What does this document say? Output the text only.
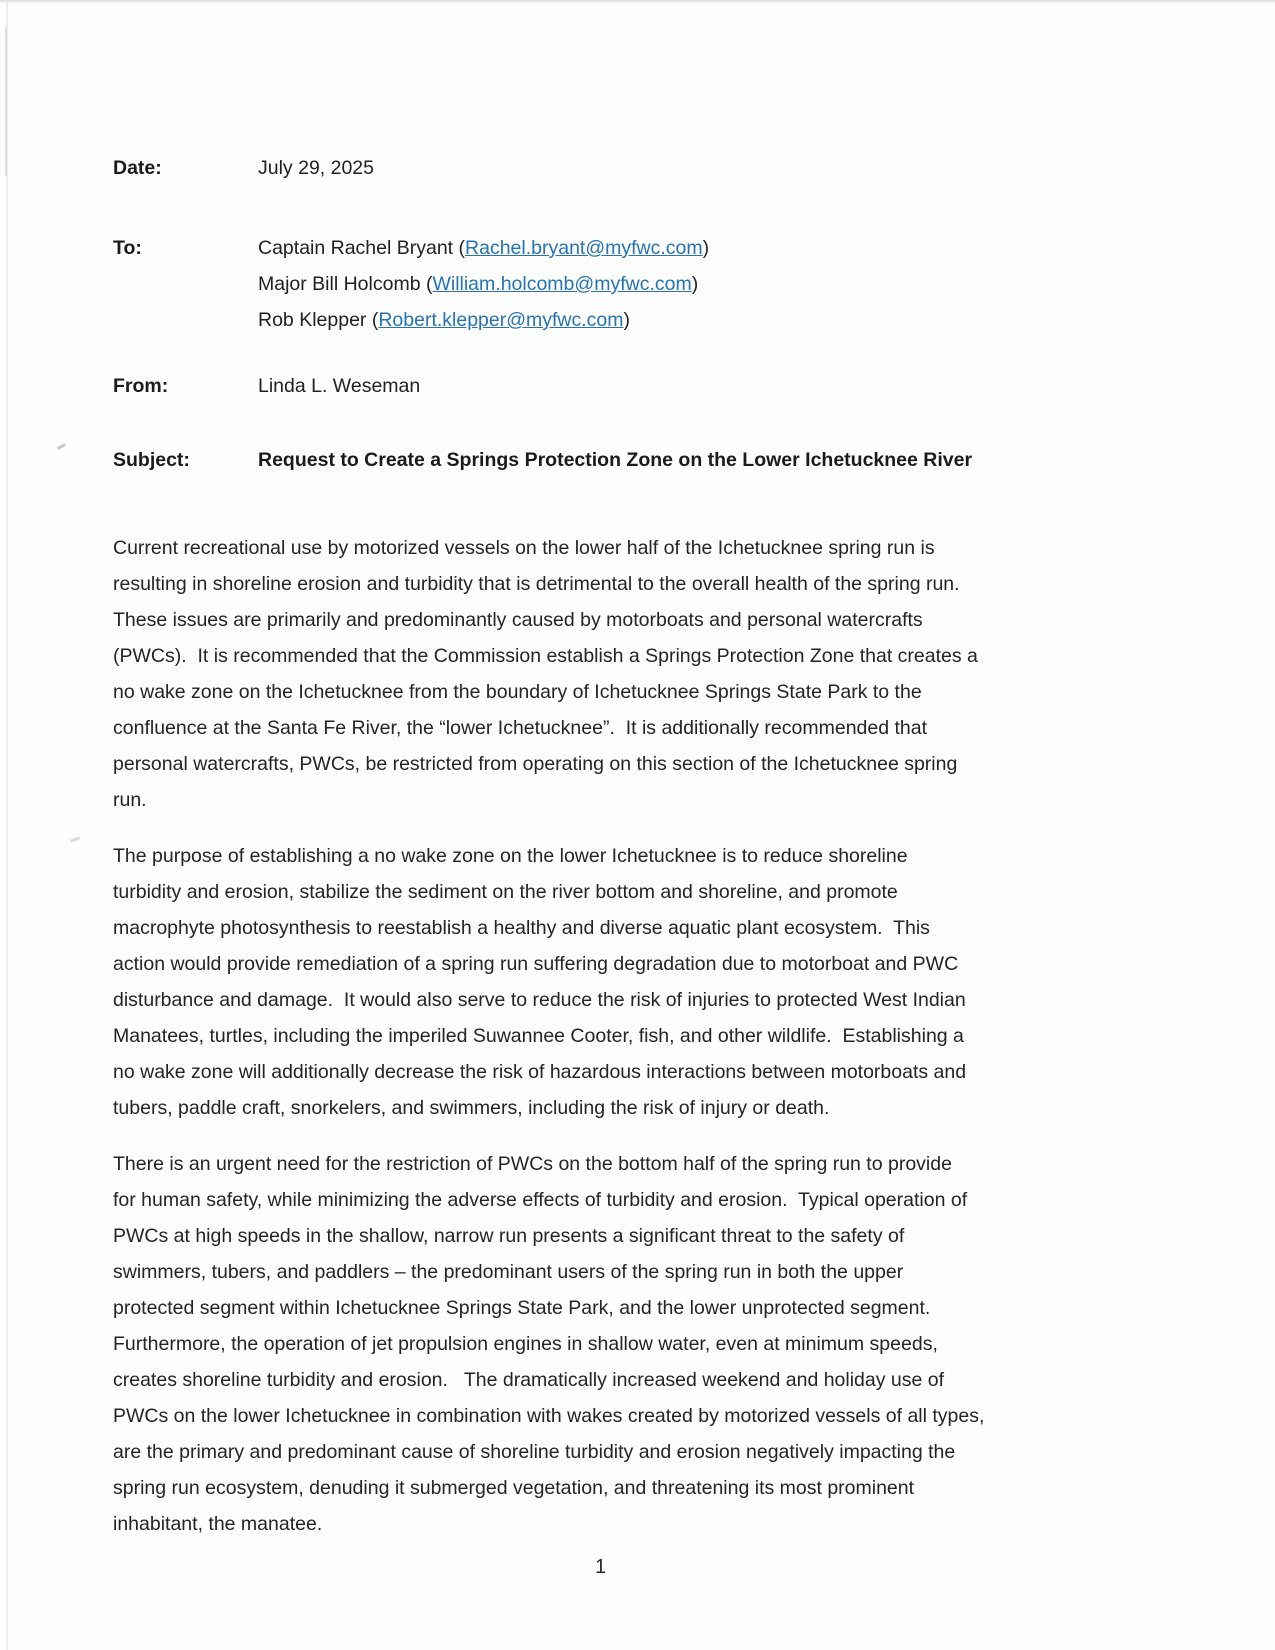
Date:	July 29, 2025
To:	Captain Rachel Bryant (Rachel.bryant@myfwc.com)
Major Bill Holcomb (William.holcomb@myfwc.com)
Rob Klepper (Robert.klepper@myfwc.com)
From:	Linda L. Weseman
Subject:	Request to Create a Springs Protection Zone on the Lower Ichetucknee River
Current recreational use by motorized vessels on the lower half of the Ichetucknee spring run is
resulting in shoreline erosion and turbidity that is detrimental to the overall health of the spring run.
These issues are primarily and predominantly caused by motorboats and personal watercrafts
(PWCs).  It is recommended that the Commission establish a Springs Protection Zone that creates a
no wake zone on the Ichetucknee from the boundary of Ichetucknee Springs State Park to the
confluence at the Santa Fe River, the “lower Ichetucknee”.  It is additionally recommended that
personal watercrafts, PWCs, be restricted from operating on this section of the Ichetucknee spring
run.
The purpose of establishing a no wake zone on the lower Ichetucknee is to reduce shoreline
turbidity and erosion, stabilize the sediment on the river bottom and shoreline, and promote
macrophyte photosynthesis to reestablish a healthy and diverse aquatic plant ecosystem.  This
action would provide remediation of a spring run suffering degradation due to motorboat and PWC
disturbance and damage.  It would also serve to reduce the risk of injuries to protected West Indian
Manatees, turtles, including the imperiled Suwannee Cooter, fish, and other wildlife.  Establishing a
no wake zone will additionally decrease the risk of hazardous interactions between motorboats and
tubers, paddle craft, snorkelers, and swimmers, including the risk of injury or death.
There is an urgent need for the restriction of PWCs on the bottom half of the spring run to provide
for human safety, while minimizing the adverse effects of turbidity and erosion.  Typical operation of
PWCs at high speeds in the shallow, narrow run presents a significant threat to the safety of
swimmers, tubers, and paddlers – the predominant users of the spring run in both the upper
protected segment within Ichetucknee Springs State Park, and the lower unprotected segment.
Furthermore, the operation of jet propulsion engines in shallow water, even at minimum speeds,
creates shoreline turbidity and erosion.   The dramatically increased weekend and holiday use of
PWCs on the lower Ichetucknee in combination with wakes created by motorized vessels of all types,
are the primary and predominant cause of shoreline turbidity and erosion negatively impacting the
spring run ecosystem, denuding it submerged vegetation, and threatening its most prominent
inhabitant, the manatee.
1
